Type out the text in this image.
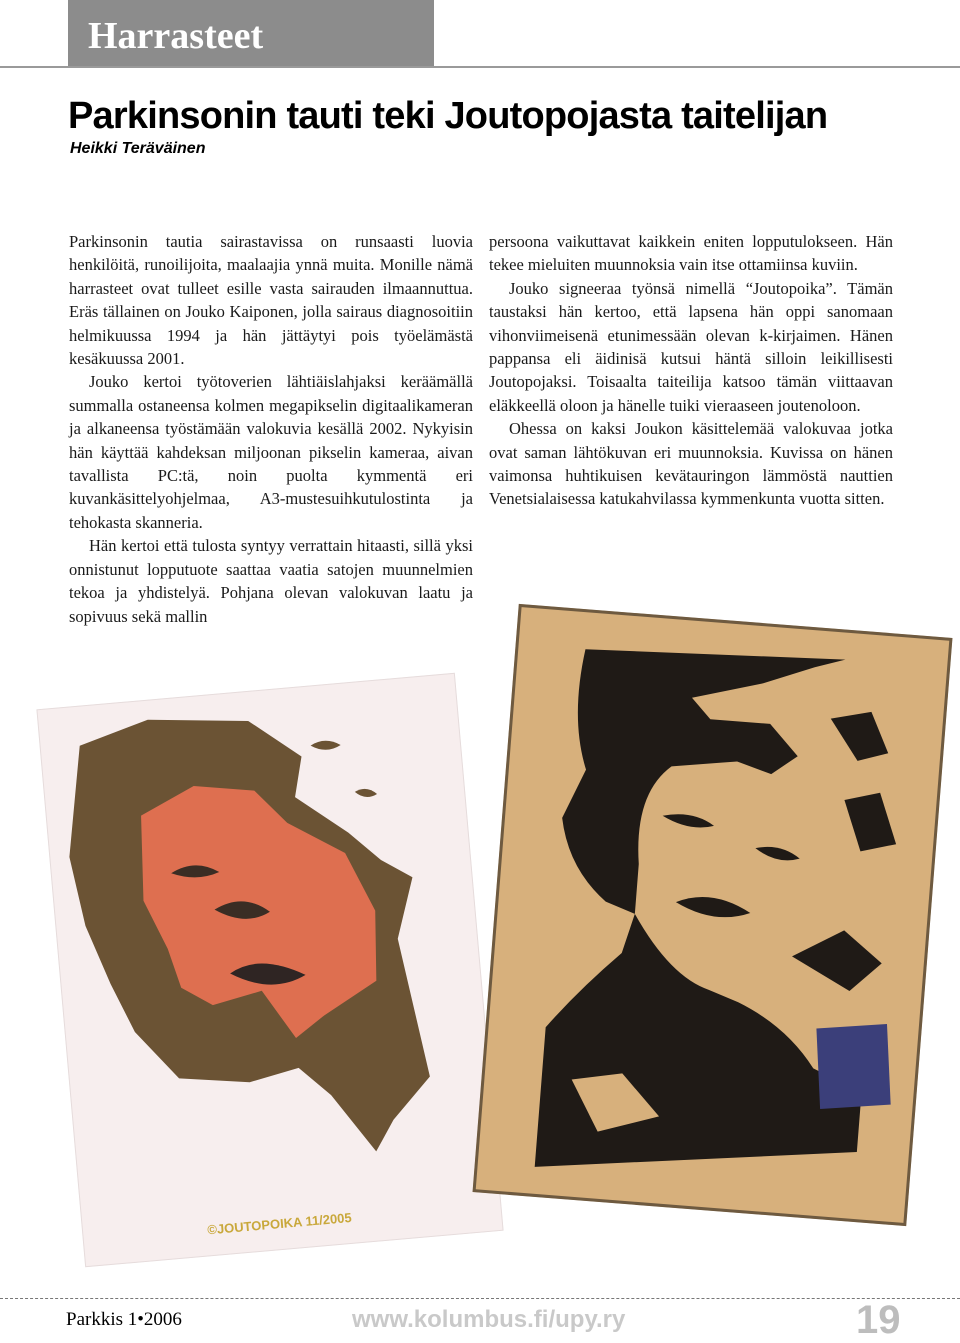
Harrasteet
Parkinsonin tauti teki Joutopojasta taitelijan
Heikki Teräväinen

Parkinsonin tautia sairastavissa on runsaasti luovia henkilöitä, runoilijoita, maalaajia ynnä muita. Monille nämä harrasteet ovat tulleet esille vasta sairauden ilmaannuttua. Eräs tällainen on Jouko Kaiponen, jolla sairaus diagnosoitiin helmikuussa 1994 ja hän jättäytyi pois työelämästä kesäkuussa 2001.

Jouko kertoi työtoverien lähtiäislahjaksi keräämällä summalla ostaneensa kolmen megapikselin digitaalikameran ja alkaneensa työstämään valokuvia kesällä 2002. Nykyisin hän käyttää kahdeksan miljoonan pikselin kameraa, aivan tavallista PC:tä, noin puolta kymmentä eri kuvankäsittelyohjelmaa, A3-mustesuihkutulostinta ja tehokasta skanneria.

Hän kertoi että tulosta syntyy verrattain hitaasti, sillä yksi onnistunut lopputuote saattaa vaatia satojen muunnelmien tekoa ja yhdistelyä. Pohjana olevan valokuvan laatu ja sopivuus sekä mallin

persoona vaikuttavat kaikkein eniten lopputulokseen. Hän tekee mieluiten muunnoksia vain itse ottamiinsa kuviin.

Jouko signeeraa työnsä nimellä “Joutopoika”. Tämän taustaksi hän kertoo, että lapsena hän oppi sanomaan vihonviimeisenä etunimessään olevan k-kirjaimen. Hänen pappansa eli äidinisä kutsui häntä silloin leikillisesti Joutopojaksi. Toisaalta taiteilija katsoo tämän viittaavan eläkkeellä oloon ja hänelle tuiki vieraaseen joutenoloon.

Ohessa on kaksi Joukon käsittelemää valokuvaa jotka ovat saman lähtökuvan eri muunnoksia. Kuvissa on hänen vaimonsa huhtikuisen kevätauringon lämmöstä nauttien Venetsialaisessa katukahvilassa kymmenkunta vuotta sitten.

©JOUTOPOIKA 11/2005
Parkkis 1•2006	www.kolumbus.fi/upy.ry	19
